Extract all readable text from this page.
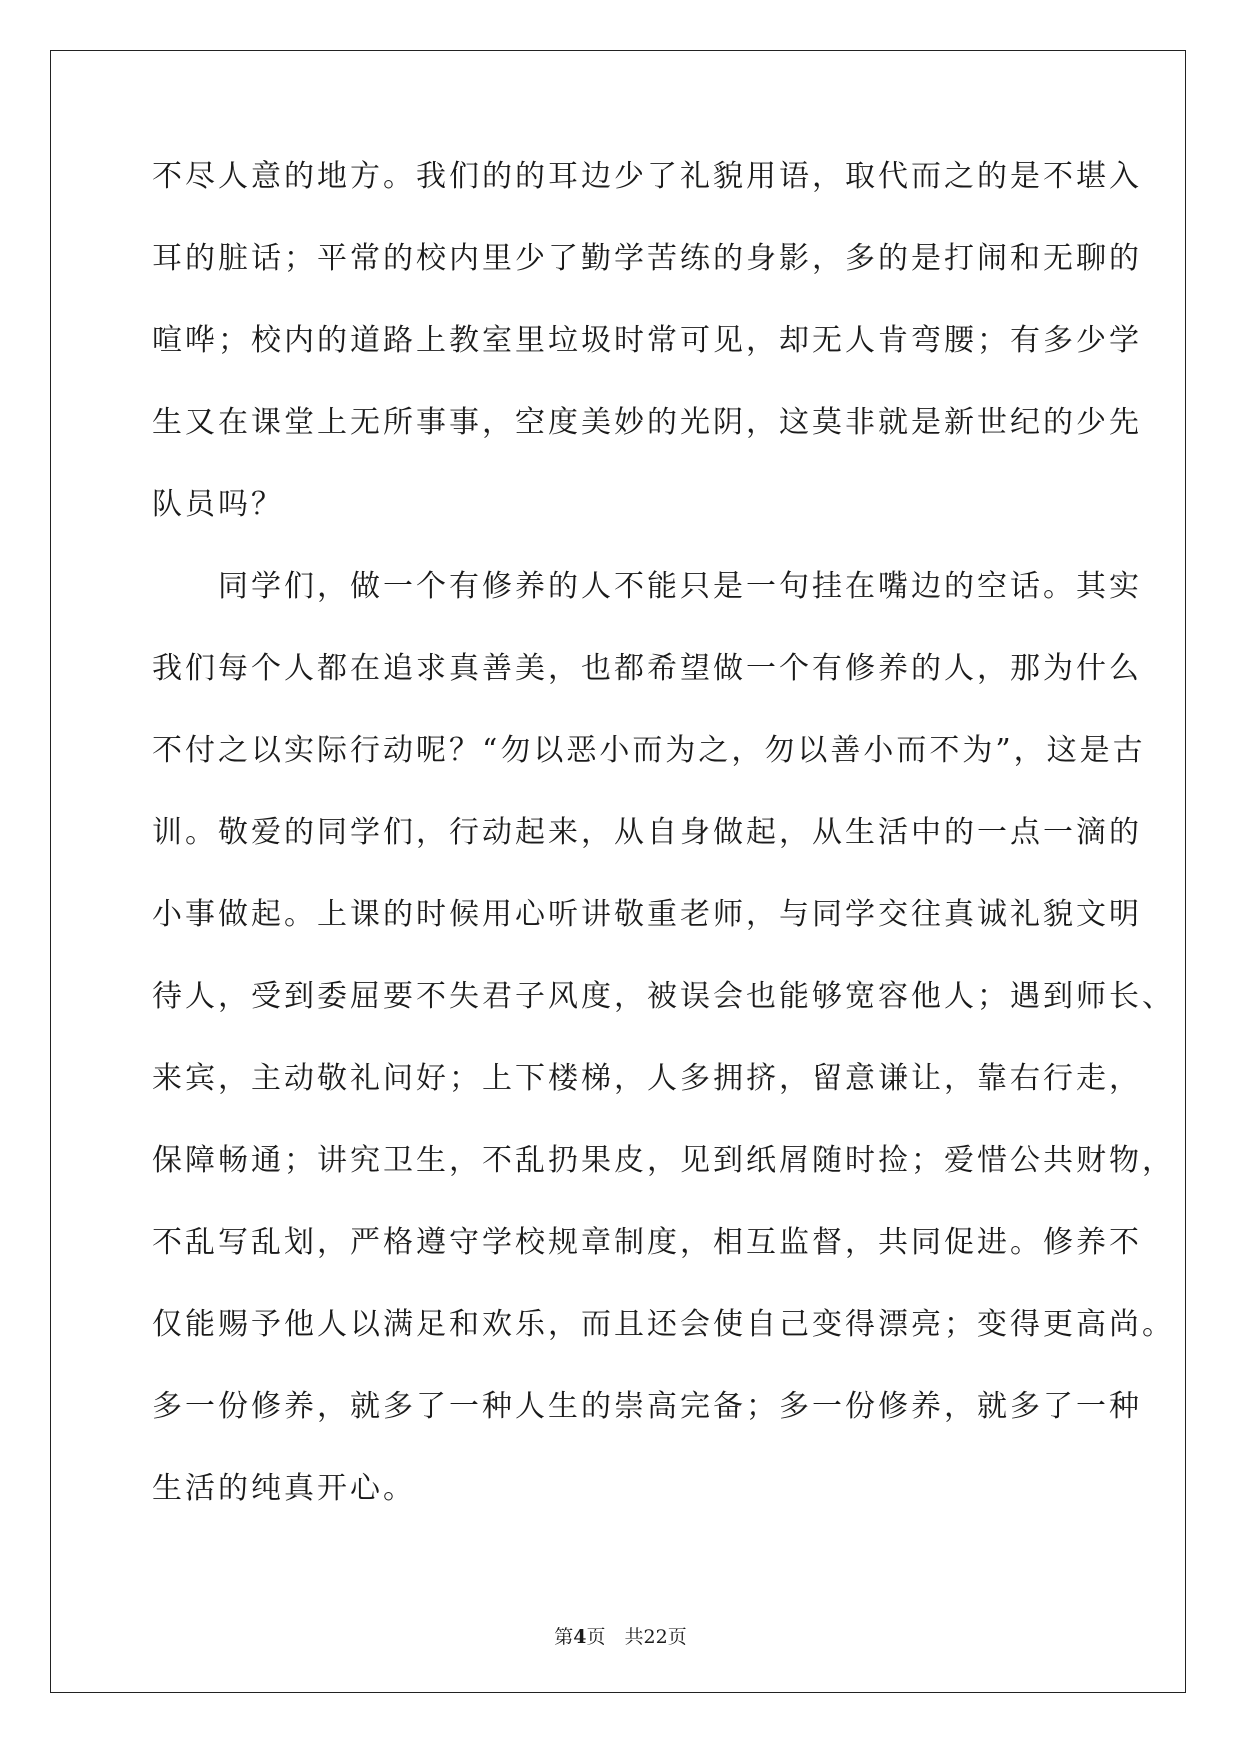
不尽人意的地方。我们的的耳边少了礼貌用语，取代而之的是不堪入
耳的脏话；平常的校内里少了勤学苦练的身影，多的是打闹和无聊的
喧哗；校内的道路上教室里垃圾时常可见，却无人肯弯腰；有多少学
生又在课堂上无所事事，空度美妙的光阴，这莫非就是新世纪的少先
队员吗？
　　同学们，做一个有修养的人不能只是一句挂在嘴边的空话。其实
我们每个人都在追求真善美，也都希望做一个有修养的人，那为什么
不付之以实际行动呢？“勿以恶小而为之，勿以善小而不为”，这是古
训。敬爱的同学们，行动起来，从自身做起，从生活中的一点一滴的
小事做起。上课的时候用心听讲敬重老师，与同学交往真诚礼貌文明
待人，受到委屈要不失君子风度，被误会也能够宽容他人；遇到师长、
来宾，主动敬礼问好；上下楼梯，人多拥挤，留意谦让，靠右行走，
保障畅通；讲究卫生，不乱扔果皮，见到纸屑随时捡；爱惜公共财物，
不乱写乱划，严格遵守学校规章制度，相互监督，共同促进。修养不
仅能赐予他人以满足和欢乐，而且还会使自己变得漂亮；变得更高尚。
多一份修养，就多了一种人生的崇高完备；多一份修养，就多了一种
生活的纯真开心。
第4页　 共22页
